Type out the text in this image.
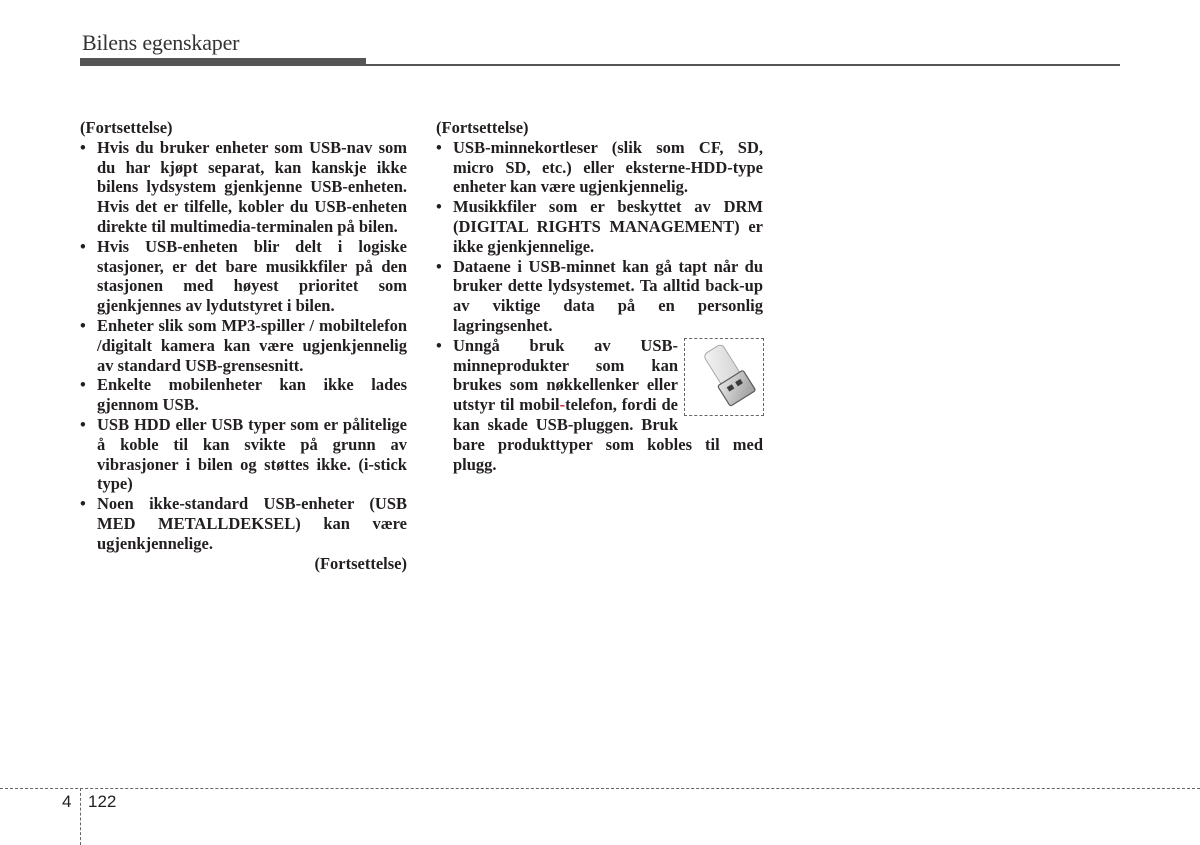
Bilens egenskaper

(Fortsettelse)

• Hvis du bruker enheter som USB-nav som du har kjøpt separat, kan kanskje ikke bilens lydsystem gjenkjenne USB-enheten. Hvis det er tilfelle, kobler du USB-enheten direkte til multimedia-terminalen på bilen.
• Hvis USB-enheten blir delt i logiske stasjoner, er det bare musikkfiler på den stasjonen med høyest prioritet som gjenkjennes av lydutstyret i bilen.
• Enheter slik som MP3-spiller / mobiltelefon /digitalt kamera kan være ugjenkjennelig av standard USB-grensesnitt.
• Enkelte mobilenheter kan ikke lades gjennom USB.
• USB HDD eller USB typer som er pålitelige å koble til kan svikte på grunn av vibrasjoner i bilen og støttes ikke. (i-stick type)
• Noen ikke-standard USB-enheter (USB MED METALLDEKSEL) kan være ugjenkjennelige.

(Fortsettelse)

(Fortsettelse)

• USB-minnekortleser (slik som CF, SD, micro SD, etc.) eller eksterne-HDD-type enheter kan være ugjenkjennelig.
• Musikkfiler som er beskyttet av DRM (DIGITAL RIGHTS MANAGEMENT) er ikke gjenkjennelige.
• Dataene i USB-minnet kan gå tapt når du bruker dette lydsystemet. Ta alltid back-up av viktige data på en personlig lagringsenhet.
• Unngå bruk av USB-minneprodukter som kan brukes som nøkkellenker eller utstyr til mobil-telefon, fordi de kan skade USB-pluggen. Bruk bare produkttyper som kobles til med plugg.
4 122
